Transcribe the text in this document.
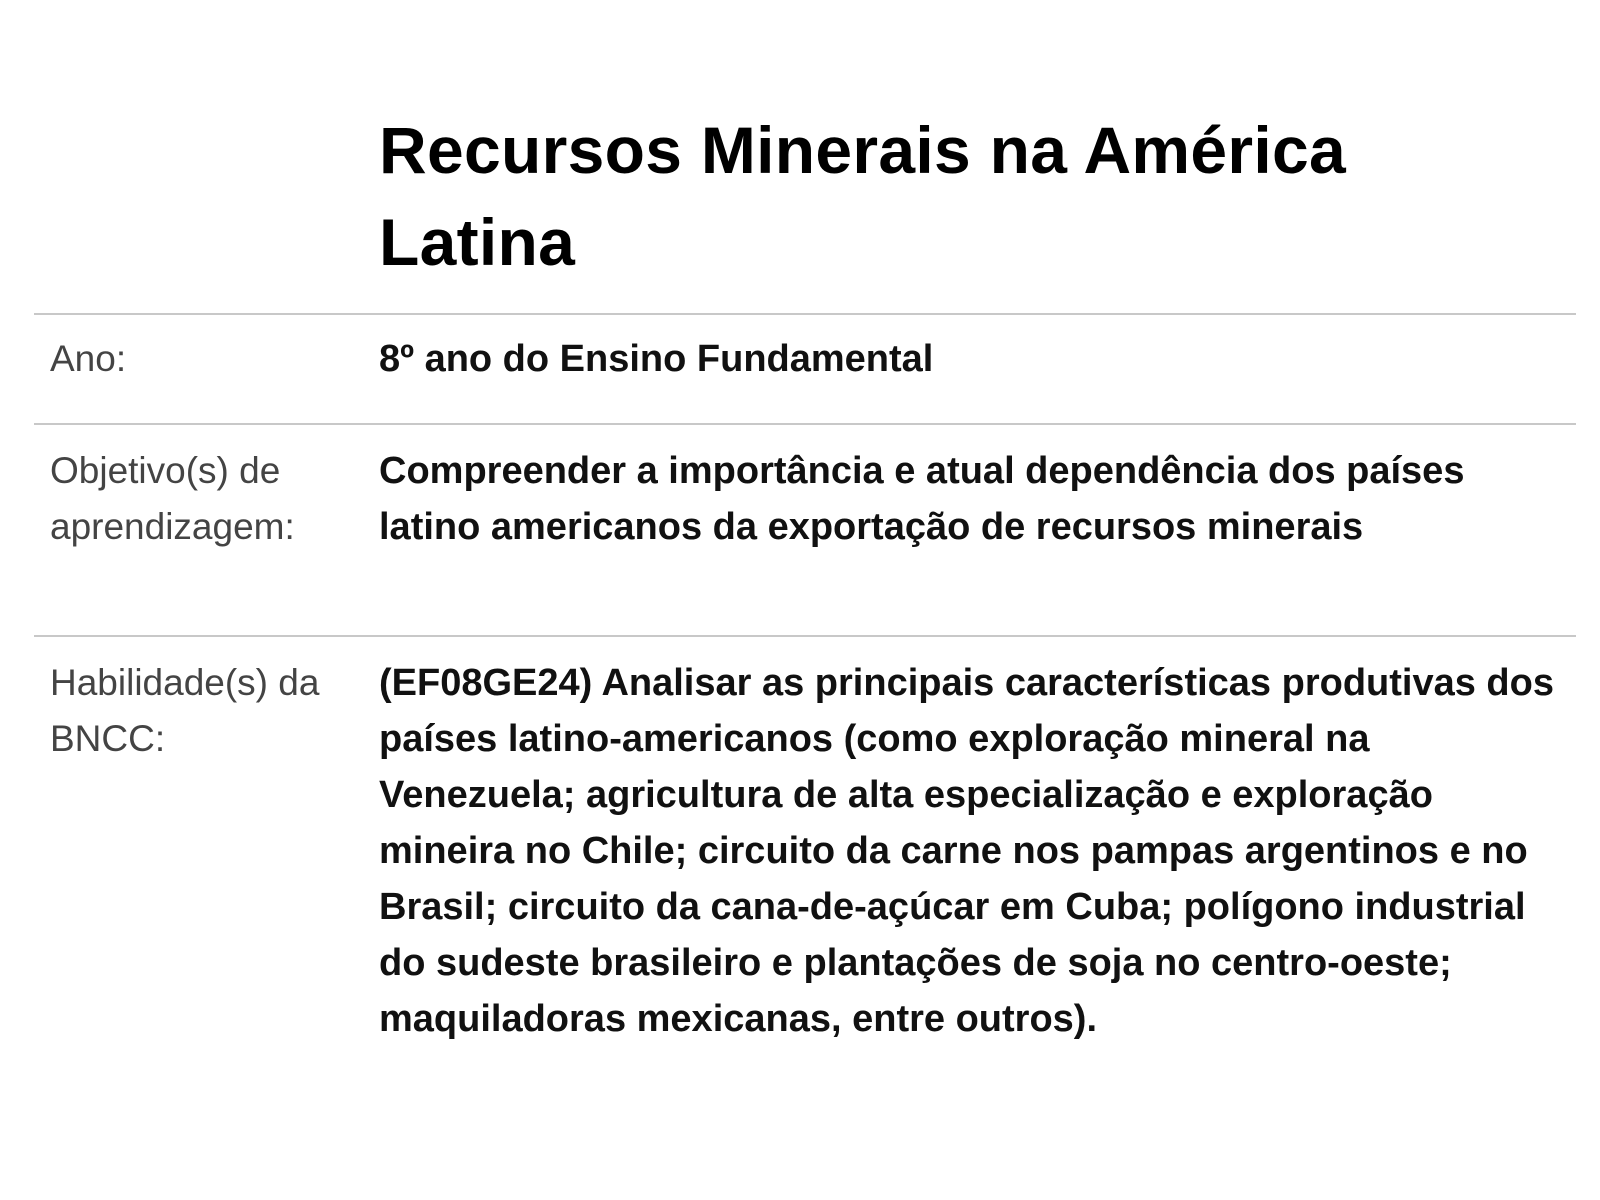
Recursos Minerais na América Latina
Ano:	8º ano do Ensino Fundamental
Objetivo(s) de aprendizagem:
Compreender a importância e atual dependência dos países latino americanos da exportação de recursos minerais
Habilidade(s) da BNCC:
(EF08GE24) Analisar as principais características produtivas dos países latino-americanos (como exploração mineral na Venezuela; agricultura de alta especialização e exploração mineira no Chile; circuito da carne nos pampas argentinos e no Brasil; circuito da cana-de-açúcar em Cuba; polígono industrial do sudeste brasileiro e plantações de soja no centro-oeste; maquiladoras mexicanas, entre outros).
